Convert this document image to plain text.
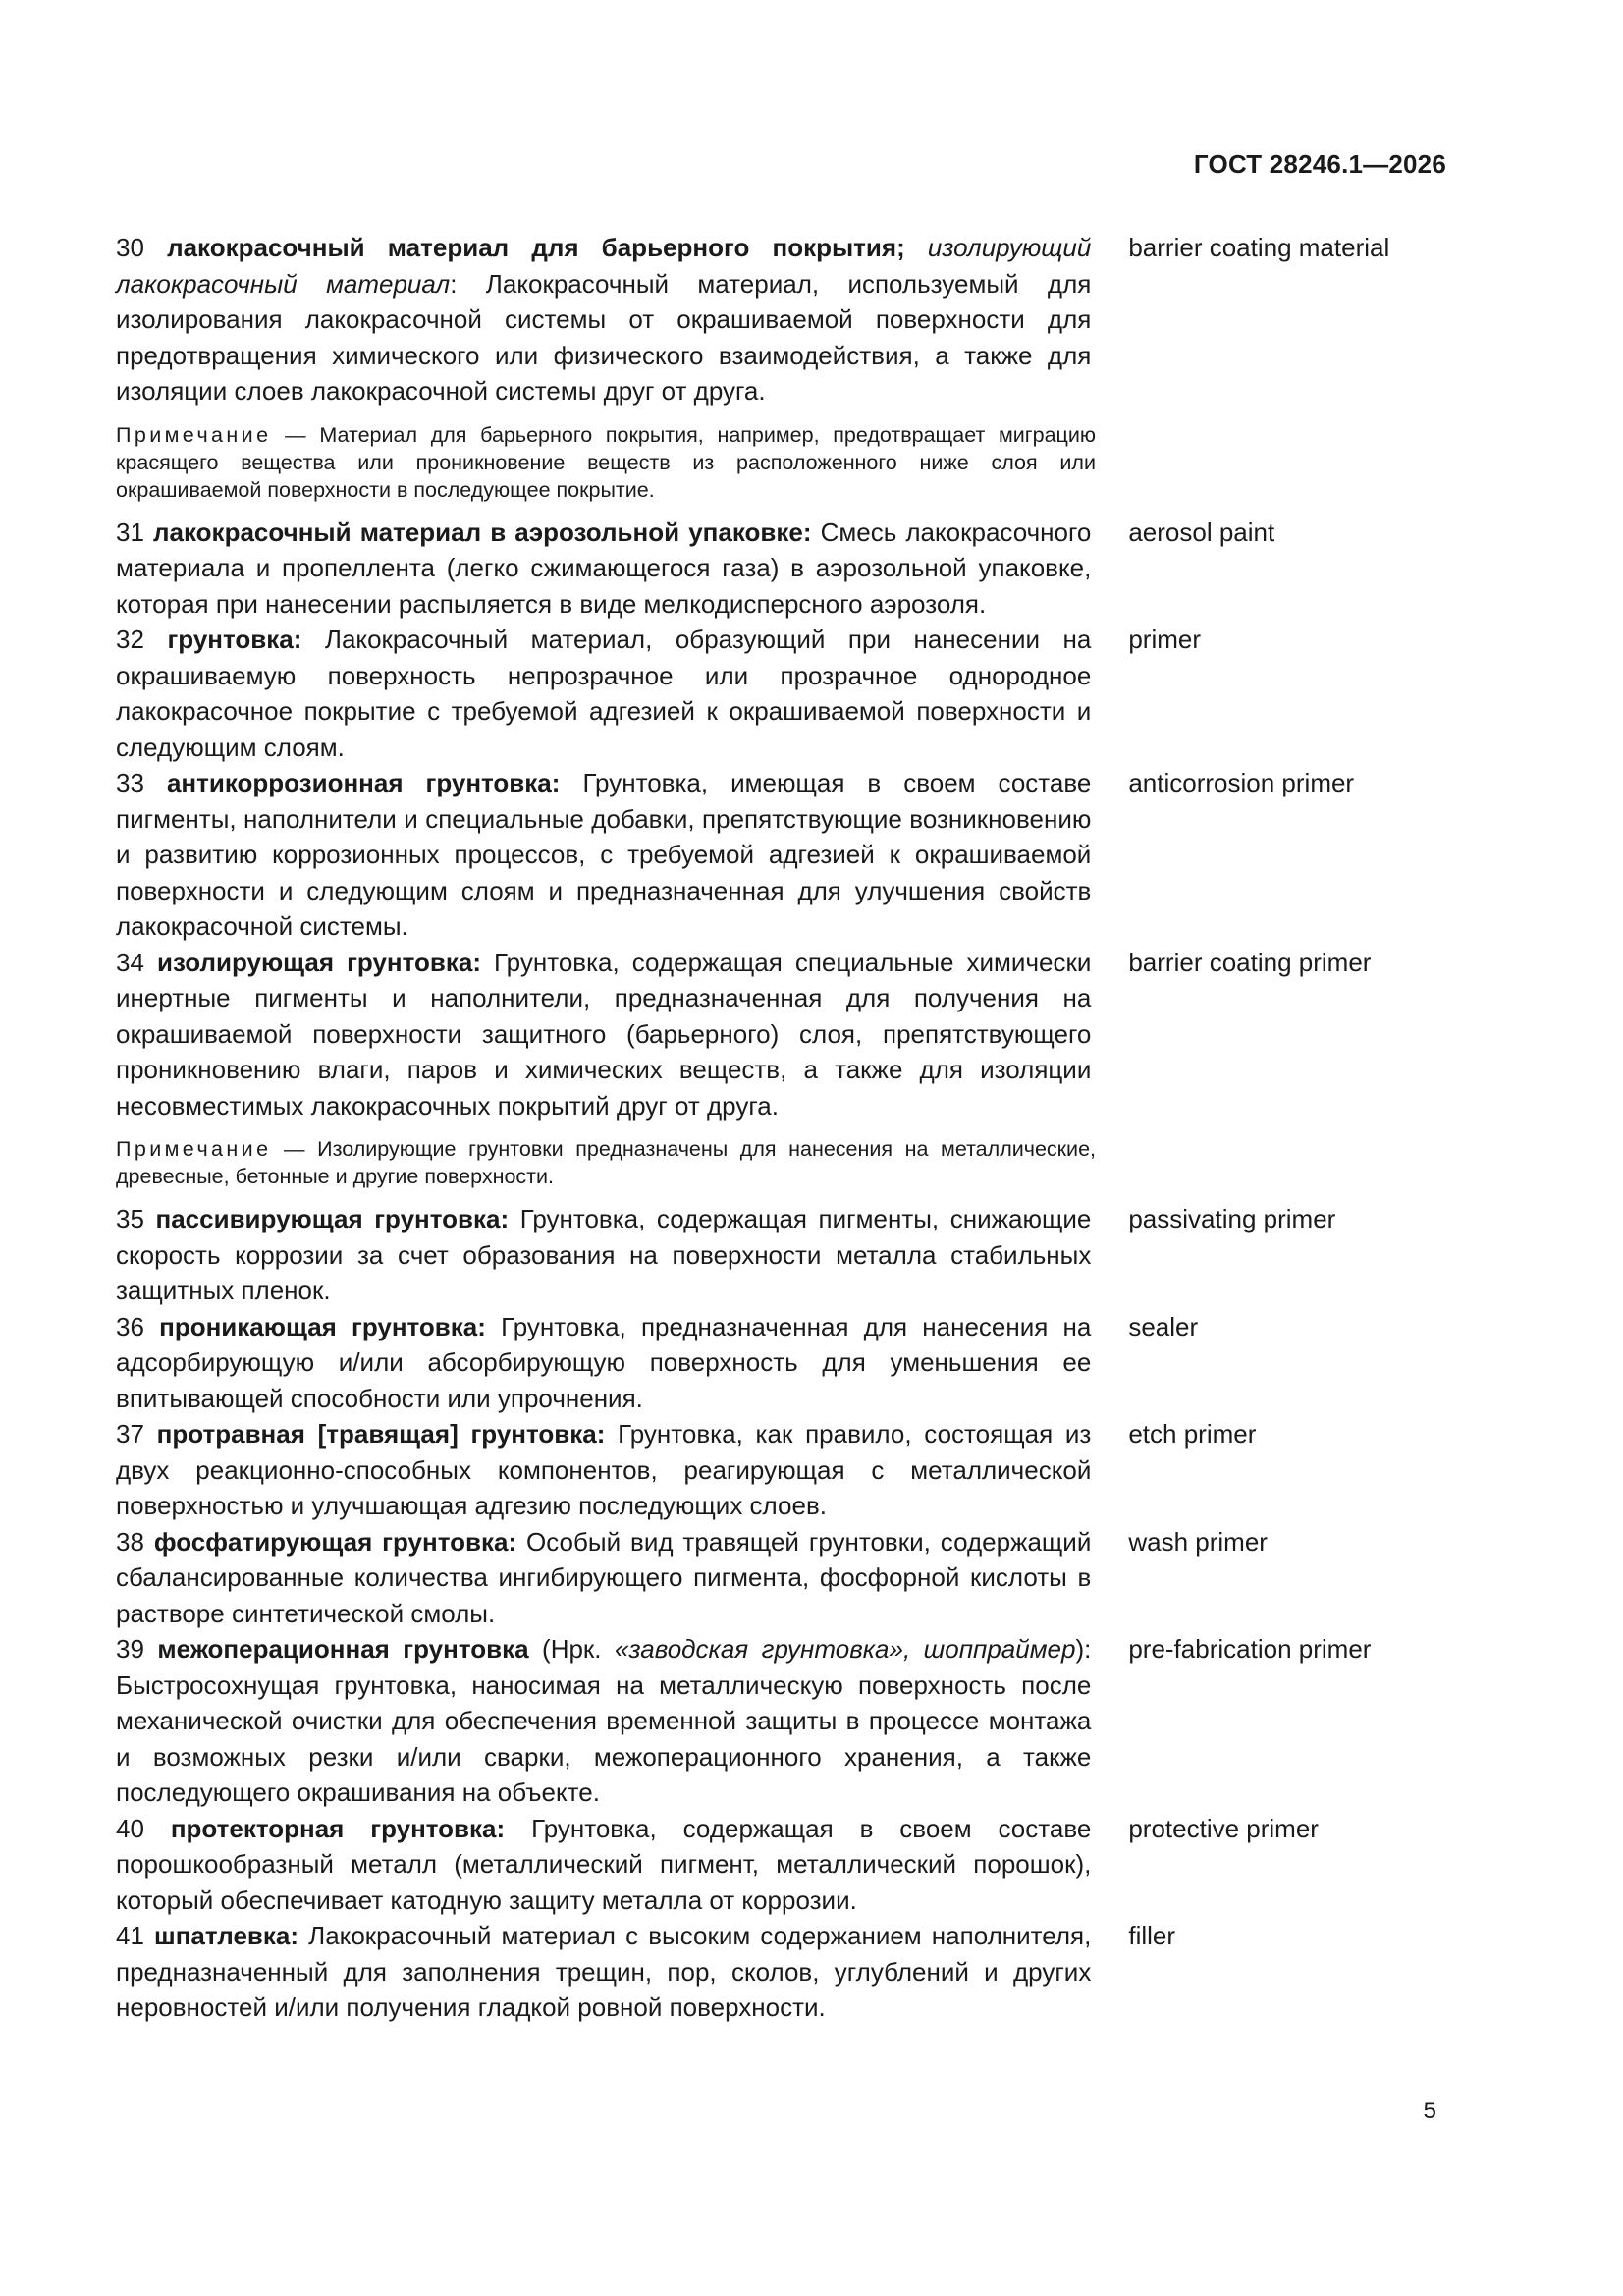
ГОСТ 28246.1—2026
30 лакокрасочный материал для барьерного покрытия; изолирующий лакокрасочный материал: Лакокрасочный материал, используемый для изолирования лакокрасочной системы от окрашиваемой поверхности для предотвращения химического или физического взаимодействия, а также для изоляции слоев лакокрасочной системы друг от друга.
barrier coating material
Примечание — Материал для барьерного покрытия, например, предотвращает миграцию красящего вещества или проникновение веществ из расположенного ниже слоя или окрашиваемой поверхности в последующее покрытие.
31 лакокрасочный материал в аэрозольной упаковке: Смесь лакокрасочного материала и пропеллента (легко сжимающегося газа) в аэрозольной упаковке, которая при нанесении распыляется в виде мелкодисперсного аэрозоля.
aerosol paint
32 грунтовка: Лакокрасочный материал, образующий при нанесении на окрашиваемую поверхность непрозрачное или прозрачное однородное лакокрасочное покрытие с требуемой адгезией к окрашиваемой поверхности и следующим слоям.
primer
33 антикоррозионная грунтовка: Грунтовка, имеющая в своем составе пигменты, наполнители и специальные добавки, препятствующие возникновению и развитию коррозионных процессов, с требуемой адгезией к окрашиваемой поверхности и следующим слоям и предназначенная для улучшения свойств лакокрасочной системы.
anticorrosion primer
34 изолирующая грунтовка: Грунтовка, содержащая специальные химически инертные пигменты и наполнители, предназначенная для получения на окрашиваемой поверхности защитного (барьерного) слоя, препятствующего проникновению влаги, паров и химических веществ, а также для изоляции несовместимых лакокрасочных покрытий друг от друга.
barrier coating primer
Примечание — Изолирующие грунтовки предназначены для нанесения на металлические, древесные, бетонные и другие поверхности.
35 пассивирующая грунтовка: Грунтовка, содержащая пигменты, снижающие скорость коррозии за счет образования на поверхности металла стабильных защитных пленок.
passivating primer
36 проникающая грунтовка: Грунтовка, предназначенная для нанесения на адсорбирующую и/или абсорбирующую поверхность для уменьшения ее впитывающей способности или упрочнения.
sealer
37 протравная [травящая] грунтовка: Грунтовка, как правило, состоящая из двух реакционно-способных компонентов, реагирующая с металлической поверхностью и улучшающая адгезию последующих слоев.
etch primer
38 фосфатирующая грунтовка: Особый вид травящей грунтовки, содержащий сбалансированные количества ингибирующего пигмента, фосфорной кислоты в растворе синтетической смолы.
wash primer
39 межоперационная грунтовка (Нрк. «заводская грунтовка», шоппраймер): Быстросохнущая грунтовка, наносимая на металлическую поверхность после механической очистки для обеспечения временной защиты в процессе монтажа и возможных резки и/или сварки, межоперационного хранения, а также последующего окрашивания на объекте.
pre-fabrication primer
40 протекторная грунтовка: Грунтовка, содержащая в своем составе порошкообразный металл (металлический пигмент, металлический порошок), который обеспечивает катодную защиту металла от коррозии.
protective primer
41 шпатлевка: Лакокрасочный материал с высоким содержанием наполнителя, предназначенный для заполнения трещин, пор, сколов, углублений и других неровностей и/или получения гладкой ровной поверхности.
filler
5
